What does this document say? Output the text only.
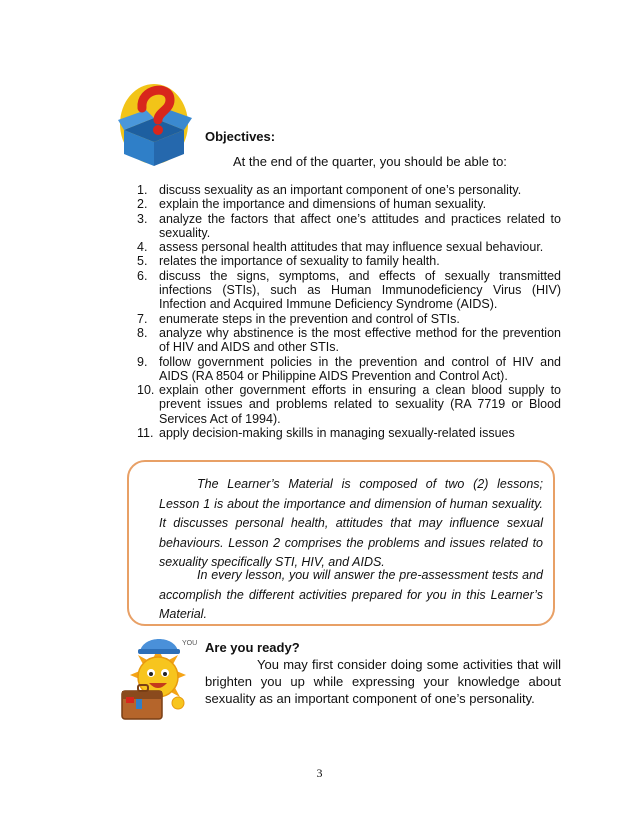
Objectives:
At the end of the quarter, you should be able to:
1. discuss sexuality as an important component of one’s personality.
2. explain the importance and dimensions of human sexuality.
3. analyze the factors that affect one’s attitudes and practices related to sexuality.
4. assess personal health attitudes that may influence sexual behaviour.
5. relates the importance of sexuality to family health.
6. discuss the signs, symptoms, and effects of sexually transmitted infections (STIs), such as Human Immunodeficiency Virus (HIV) Infection and Acquired Immune Deficiency Syndrome (AIDS).
7. enumerate steps in the prevention and control of STIs.
8. analyze why abstinence is the most effective method for the prevention of HIV and AIDS and other STIs.
9. follow government policies in the prevention and control of HIV and AIDS (RA 8504 or Philippine AIDS Prevention and Control Act).
10. explain other government efforts in ensuring a clean blood supply to prevent issues and problems related to sexuality (RA 7719 or Blood Services Act of 1994).
11. apply decision-making skills in managing sexually-related issues

The Learner’s Material is composed of two (2) lessons; Lesson 1 is about the importance and dimension of human sexuality. It discusses personal health, attitudes that may influence sexual behaviours. Lesson 2 comprises the problems and issues related to sexuality specifically STI, HIV, and AIDS.

In every lesson, you will answer the pre-assessment tests and accomplish the different activities prepared for you in this Learner’s Material.

YOU Are you ready?

You may first consider doing some activities that will brighten you up while expressing your knowledge about sexuality as an important component of one’s personality.

3
